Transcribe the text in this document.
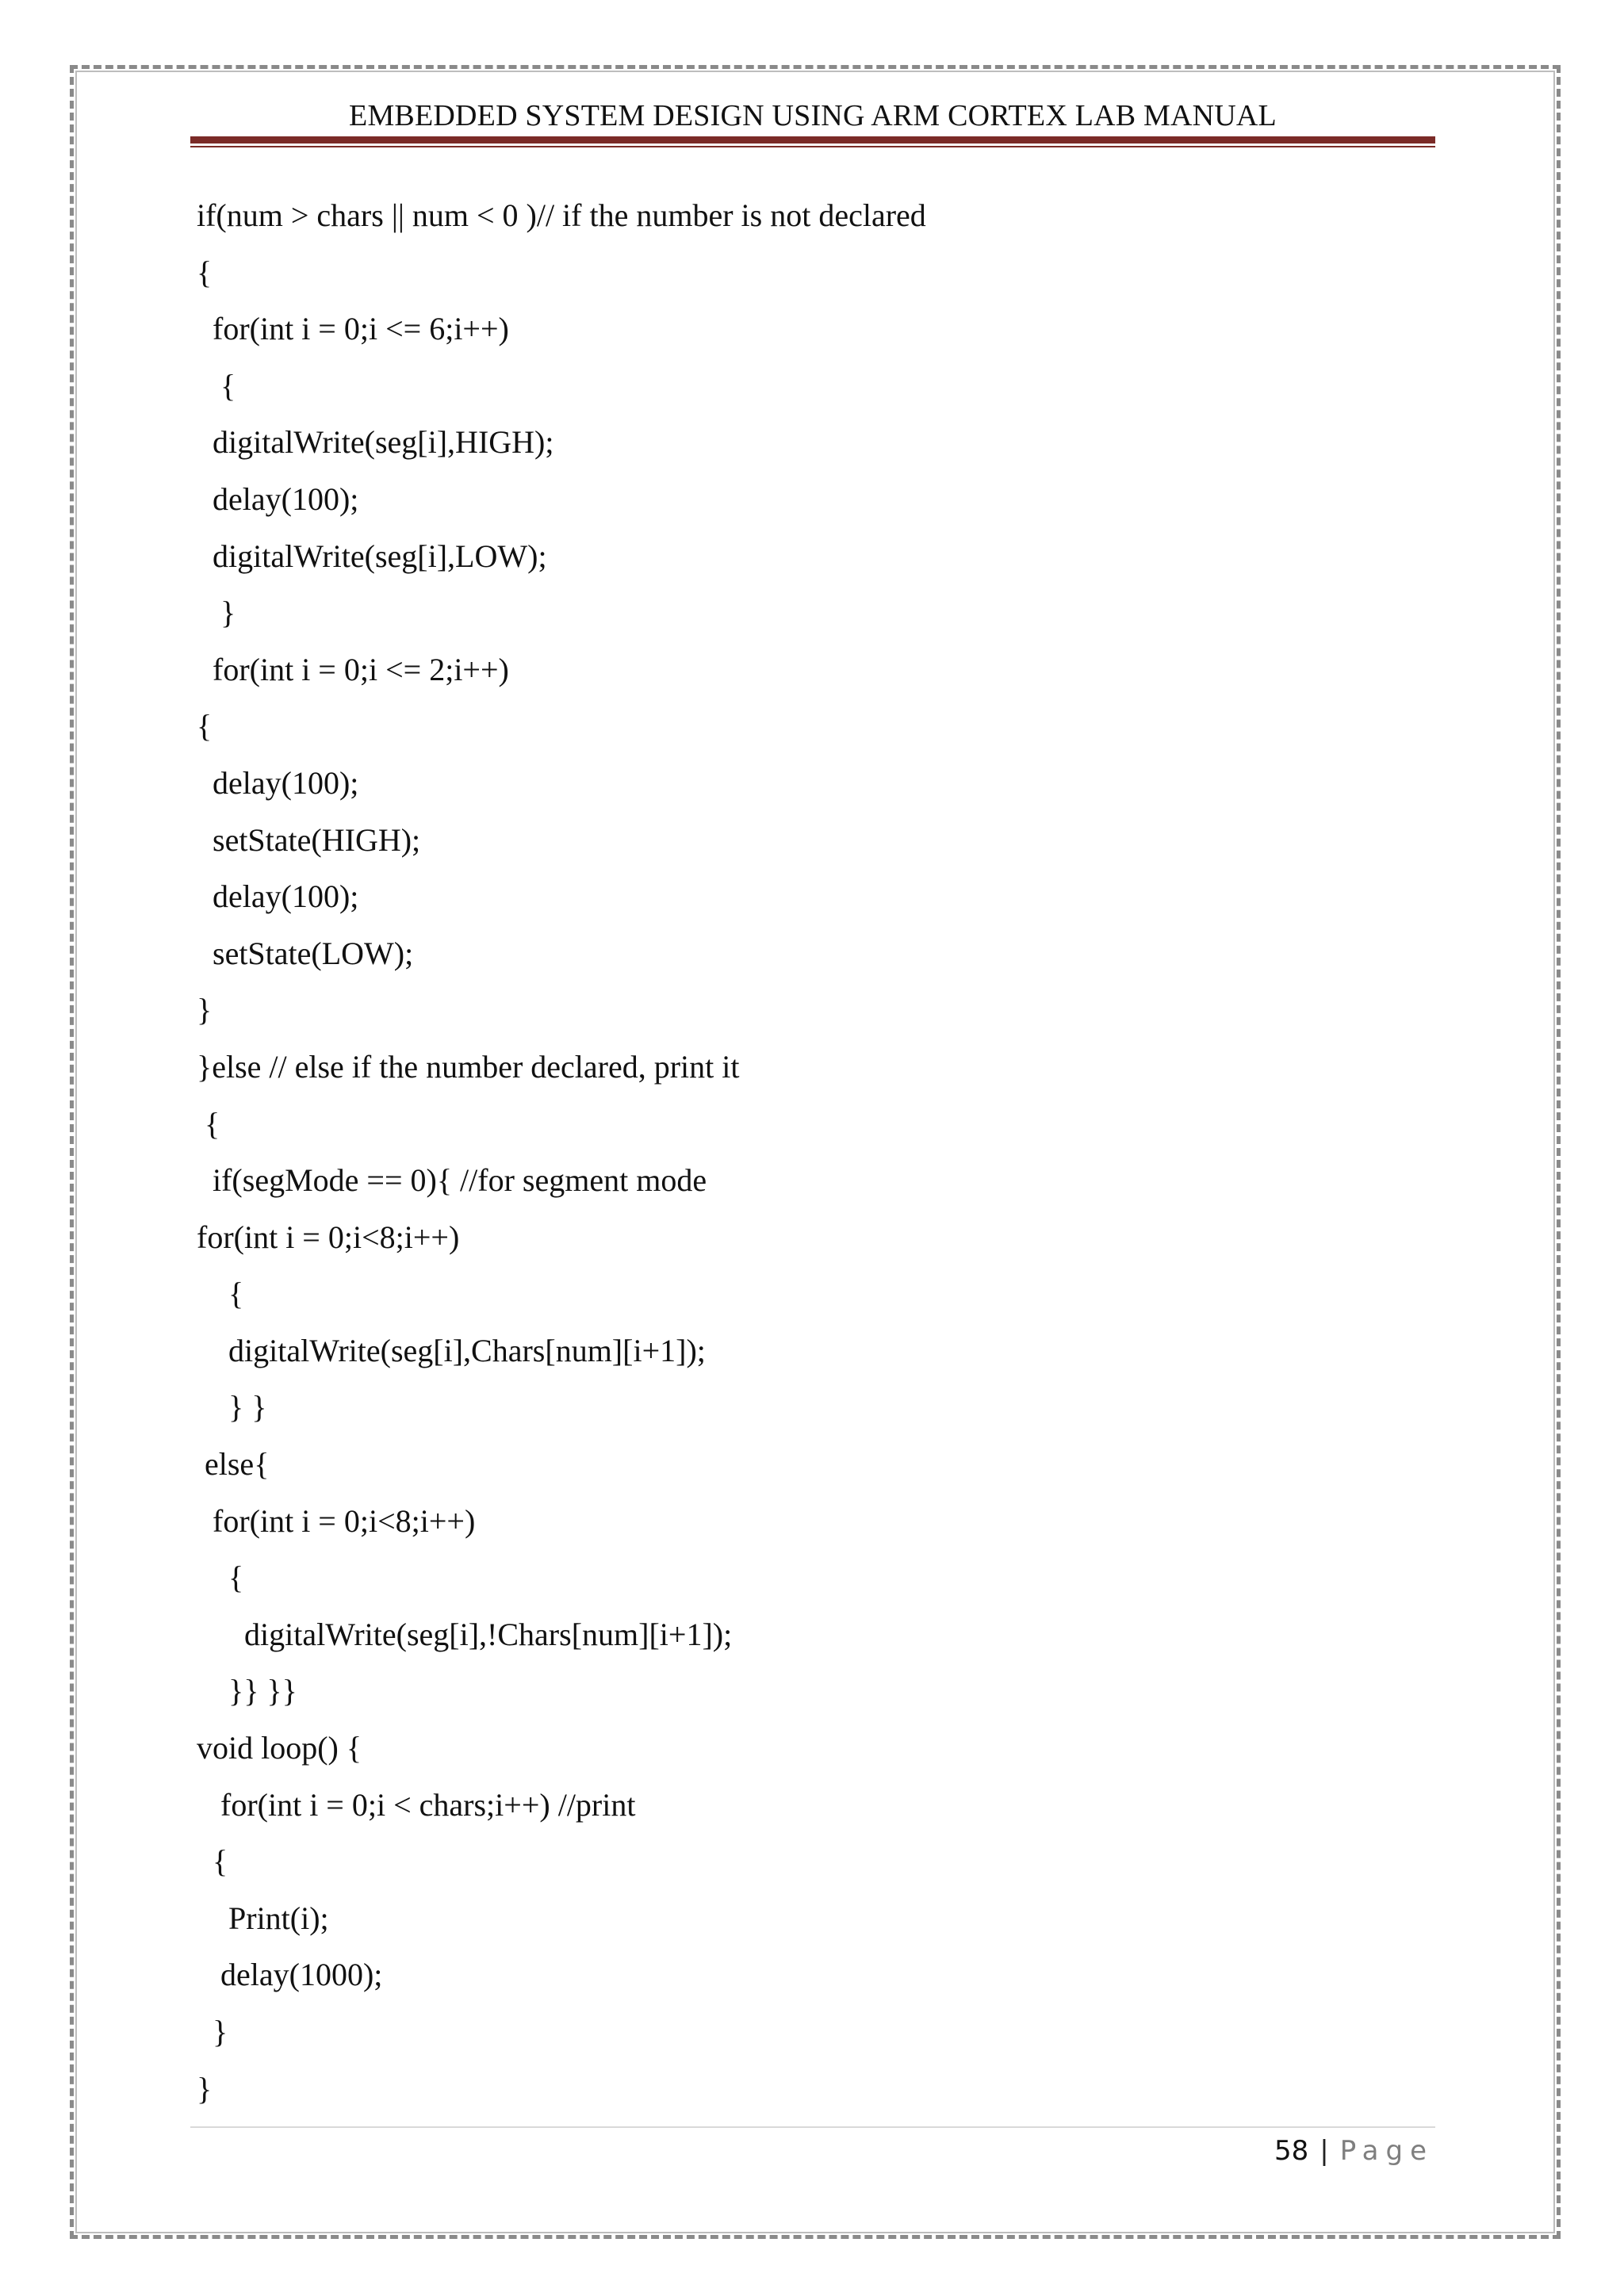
EMBEDDED SYSTEM DESIGN USING ARM CORTEX LAB MANUAL
if(num > chars || num < 0 )// if the number is not declared
{
for(int i = 0;i <= 6;i++)
{
digitalWrite(seg[i],HIGH);
delay(100);
digitalWrite(seg[i],LOW);
}
for(int i = 0;i <= 2;i++)
{
delay(100);
setState(HIGH);
delay(100);
setState(LOW);
}
}else // else if the number declared, print it
{
if(segMode == 0){ //for segment mode
for(int i = 0;i<8;i++)
{
digitalWrite(seg[i],Chars[num][i+1]);
} }
else{
for(int i = 0;i<8;i++)
{
digitalWrite(seg[i],!Chars[num][i+1]);
}} }}
void loop() {
for(int i = 0;i < chars;i++) //print
{
Print(i);
delay(1000);
}
}
58 | Page
